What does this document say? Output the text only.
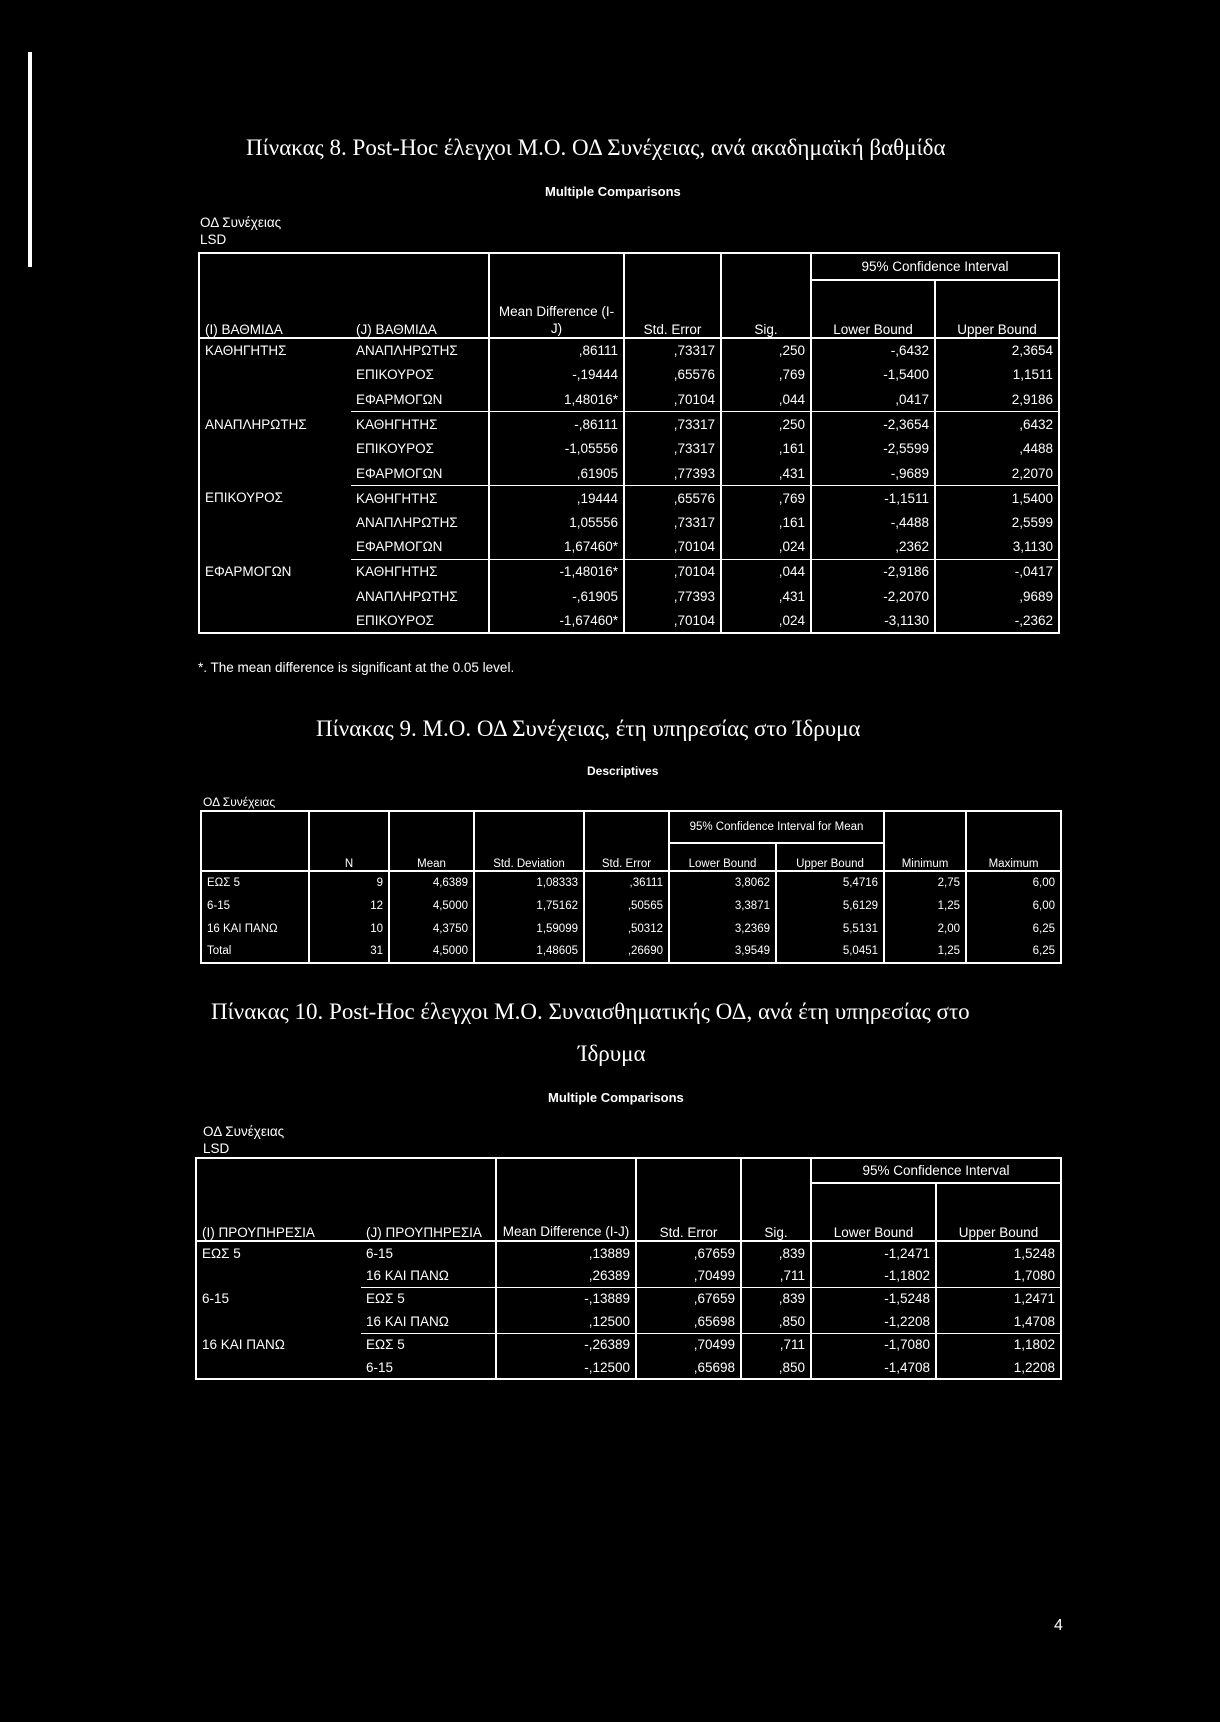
Πίνακας 8. Post-Hoc έλεγχοι Μ.Ο. ΟΔ Συνέχειας, ανά ακαδημαϊκή βαθμίδα
Multiple Comparisons
ΟΔ Συνέχειας
LSD
					95% Confidence Interval	
(I) ΒΑΘΜΙΔΑ	(J) ΒΑΘΜΙΔΑ	Mean Difference (I-J)	Std. Error	Sig.	Lower Bound	Upper Bound
ΚΑΘΗΓΗΤΗΣ	ΑΝΑΠΛΗΡΩΤΗΣ	,86111	,73317	,250	-,6432	2,3654
	ΕΠΙΚΟΥΡΟΣ	-,19444	,65576	,769	-1,5400	1,1511
	ΕΦΑΡΜΟΓΩΝ	1,48016*	,70104	,044	,0417	2,9186
ΑΝΑΠΛΗΡΩΤΗΣ	ΚΑΘΗΓΗΤΗΣ	-,86111	,73317	,250	-2,3654	,6432
	ΕΠΙΚΟΥΡΟΣ	-1,05556	,73317	,161	-2,5599	,4488
	ΕΦΑΡΜΟΓΩΝ	,61905	,77393	,431	-,9689	2,2070
ΕΠΙΚΟΥΡΟΣ	ΚΑΘΗΓΗΤΗΣ	,19444	,65576	,769	-1,1511	1,5400
	ΑΝΑΠΛΗΡΩΤΗΣ	1,05556	,73317	,161	-,4488	2,5599
	ΕΦΑΡΜΟΓΩΝ	1,67460*	,70104	,024	,2362	3,1130
ΕΦΑΡΜΟΓΩΝ	ΚΑΘΗΓΗΤΗΣ	-1,48016*	,70104	,044	-2,9186	-,0417
	ΑΝΑΠΛΗΡΩΤΗΣ	-,61905	,77393	,431	-2,2070	,9689
	ΕΠΙΚΟΥΡΟΣ	-1,67460*	,70104	,024	-3,1130	-,2362
*. The mean difference is significant at the 0.05 level.
Πίνακας 9. Μ.Ο. ΟΔ Συνέχειας, έτη υπηρεσίας στο Ίδρυμα
Descriptives
ΟΔ Συνέχειας
					95% Confidence Interval for Mean			
	N	Mean	Std. Deviation	Std. Error	Lower Bound	Upper Bound	Minimum	Maximum
ΕΩΣ 5	9	4,6389	1,08333	,36111	3,8062	5,4716	2,75	6,00
6-15	12	4,5000	1,75162	,50565	3,3871	5,6129	1,25	6,00
16 ΚΑΙ ΠΑΝΩ	10	4,3750	1,59099	,50312	3,2369	5,5131	2,00	6,25
Total	31	4,5000	1,48605	,26690	3,9549	5,0451	1,25	6,25
Πίνακας 10. Post-Hoc έλεγχοι Μ.Ο. Συναισθηματικής ΟΔ, ανά έτη υπηρεσίας στο
Ίδρυμα
Multiple Comparisons
ΟΔ Συνέχειας
LSD
					95% Confidence Interval	
(I) ΠΡΟΥΠΗΡΕΣΙΑ	(J) ΠΡΟΥΠΗΡΕΣΙΑ	Mean Difference (I-J)	Std. Error	Sig.	Lower Bound	Upper Bound
ΕΩΣ 5	6-15	,13889	,67659	,839	-1,2471	1,5248
	16 ΚΑΙ ΠΑΝΩ	,26389	,70499	,711	-1,1802	1,7080
6-15	ΕΩΣ 5	-,13889	,67659	,839	-1,5248	1,2471
	16 ΚΑΙ ΠΑΝΩ	,12500	,65698	,850	-1,2208	1,4708
16 ΚΑΙ ΠΑΝΩ	ΕΩΣ 5	-,26389	,70499	,711	-1,7080	1,1802
	6-15	-,12500	,65698	,850	-1,4708	1,2208
4
